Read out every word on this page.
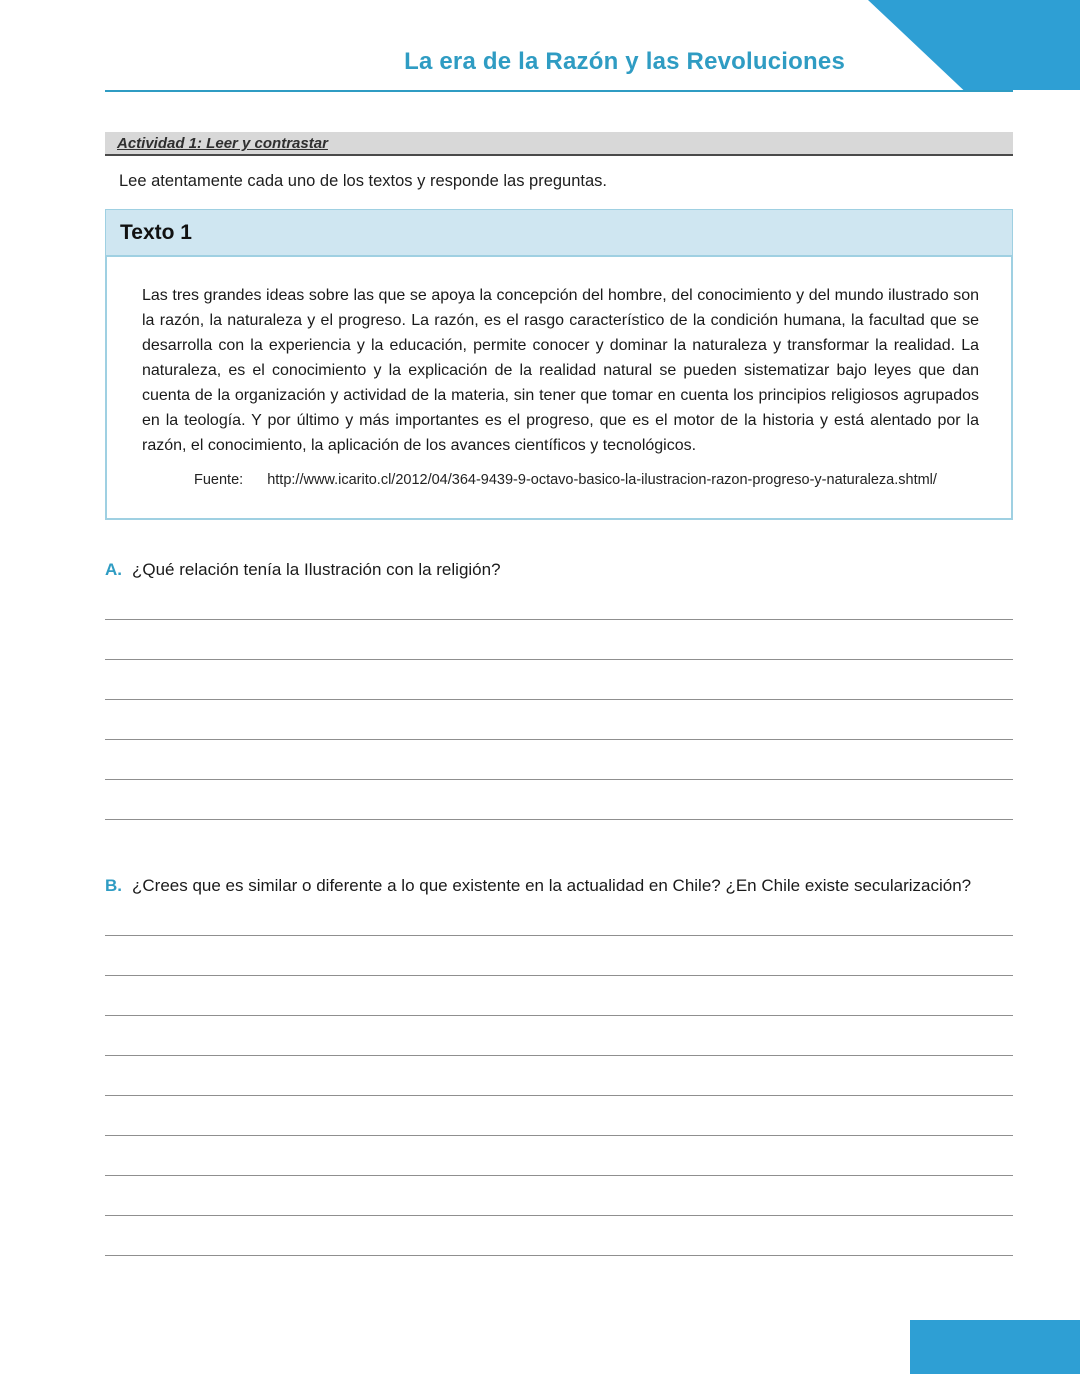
La era de la Razón y las Revoluciones
Actividad 1: Leer y contrastar

Lee atentamente cada uno de los textos y responde las preguntas.

Texto 1

Las tres grandes ideas sobre las que se apoya la concepción del hombre, del conocimiento y del mundo ilustrado son la razón, la naturaleza y el progreso. La razón, es el rasgo característico de la condición humana, la facultad que se desarrolla con la experiencia y la educación, permite conocer y dominar la naturaleza y transformar la realidad. La naturaleza, es el conocimiento y la explicación de la realidad natural se pueden sistematizar bajo leyes que dan cuenta de la organización y actividad de la materia, sin tener que tomar en cuenta los principios religiosos agrupados en la teología. Y por último y más importantes es el progreso, que es el motor de la historia y está alentado por la razón, el conocimiento, la aplicación de los avances científicos y tecnológicos.

Fuente: http://www.icarito.cl/2012/04/364-9439-9-octavo-basico-la-ilustracion-razon-progreso-y-naturaleza.shtml/

A. ¿Qué relación tenía la Ilustración con la religión?
B. ¿Crees que es similar o diferente a lo que existente en la actualidad en Chile? ¿En Chile existe secularización?
